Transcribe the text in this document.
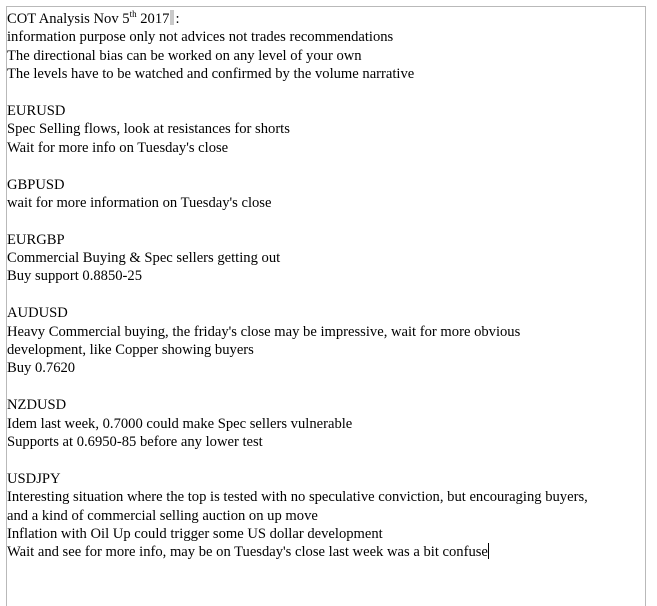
COT Analysis Nov 5th 2017 :
information purpose only not advices not trades recommendations
The directional bias can be worked on any level of your own
The levels have to be watched and confirmed by the volume narrative
EURUSD
Spec Selling flows, look at resistances for shorts
Wait for more info on Tuesday's close
GBPUSD
wait for more information on Tuesday's close
EURGBP
Commercial Buying & Spec sellers getting out
Buy support 0.8850-25
AUDUSD
Heavy Commercial buying, the friday's close may be impressive, wait for more obvious
development, like Copper showing buyers
Buy 0.7620
NZDUSD
Idem last week, 0.7000 could make Spec sellers vulnerable
Supports at 0.6950-85 before any lower test
USDJPY
Interesting situation where the top is tested with no speculative conviction, but encouraging buyers,
and a kind of commercial selling auction on up move
Inflation with Oil Up could trigger some US dollar development
Wait and see for more info, may be on Tuesday's close last week was a bit confuse
